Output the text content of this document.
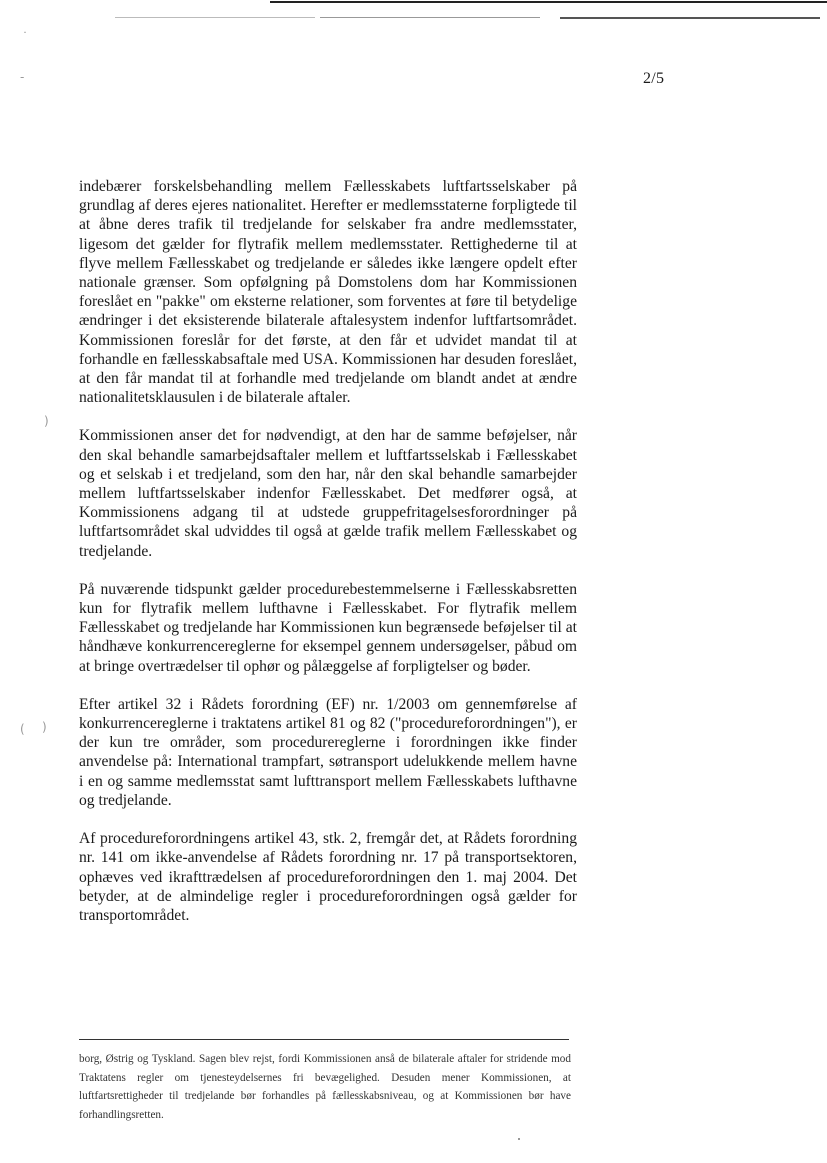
˙
-
)
( )
2/5

indebærer forskelsbehandling mellem Fællesskabets luftfartsselskaber på grundlag af deres ejeres nationalitet. Herefter er medlemsstaterne forpligtede til at åbne deres trafik til tredjelande for selskaber fra andre medlemsstater, ligesom det gælder for flytrafik mellem medlemsstater. Rettighederne til at flyve mellem Fællesskabet og tredjelande er således ikke længere opdelt efter nationale grænser. Som opfølgning på Domstolens dom har Kommissionen foreslået en "pakke" om eksterne relationer, som forventes at føre til betydelige ændringer i det eksisterende bilaterale aftalesystem indenfor luftfartsområdet. Kommissionen foreslår for det første, at den får et udvidet mandat til at forhandle en fællesskabsaftale med USA. Kommissionen har desuden foreslået, at den får mandat til at forhandle med tredjelande om blandt andet at ændre nationalitetsklausulen i de bilaterale aftaler.

Kommissionen anser det for nødvendigt, at den har de samme beføjelser, når den skal behandle samarbejdsaftaler mellem et luftfartsselskab i Fællesskabet og et selskab i et tredjeland, som den har, når den skal behandle samarbejder mellem luftfartsselskaber indenfor Fællesskabet. Det medfører også, at Kommissionens adgang til at udstede gruppefritagelsesforordninger på luftfartsområdet skal udviddes til også at gælde trafik mellem Fællesskabet og tredjelande.

På nuværende tidspunkt gælder procedurebestemmelserne i Fællesskabsretten kun for flytrafik mellem lufthavne i Fællesskabet. For flytrafik mellem Fællesskabet og tredjelande har Kommissionen kun begrænsede beføjelser til at håndhæve konkurrencereglerne for eksempel gennem undersøgelser, påbud om at bringe overtrædelser til ophør og pålæggelse af forpligtelser og bøder.

Efter artikel 32 i Rådets forordning (EF) nr. 1/2003 om gennemførelse af konkurrencereglerne i traktatens artikel 81 og 82 ("procedureforordningen"), er der kun tre områder, som procedurereglerne i forordningen ikke finder anvendelse på: International trampfart, søtransport udelukkende mellem havne i en og samme medlemsstat samt lufttransport mellem Fællesskabets lufthavne og tredjelande.

Af procedureforordningens artikel 43, stk. 2, fremgår det, at Rådets forordning nr. 141 om ikke-anvendelse af Rådets forordning nr. 17 på transportsektoren, ophæves ved ikrafttrædelsen af procedureforordningen den 1. maj 2004. Det betyder, at de almindelige regler i procedureforordningen også gælder for transportområdet.

borg, Østrig og Tyskland. Sagen blev rejst, fordi Kommissionen anså de bilaterale aftaler for stridende mod Traktatens regler om tjenesteydelsernes fri bevægelighed. Desuden mener Kommissionen, at luftfartsrettigheder til tredjelande bør forhandles på fællesskabsniveau, og at Kommissionen bør have forhandlingsretten.
